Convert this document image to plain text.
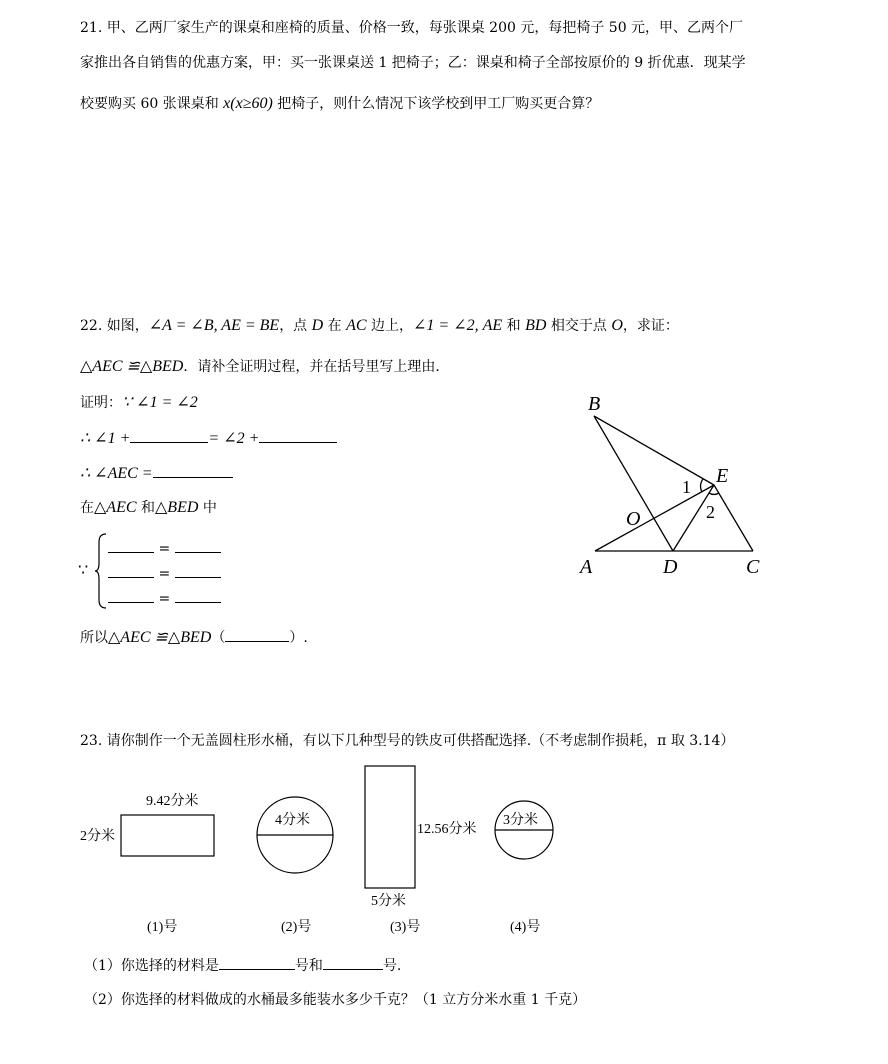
21. 甲、乙两厂家生产的课桌和座椅的质量、价格一致，每张课桌 200 元，每把椅子 50 元，甲、乙两个厂
家推出各自销售的优惠方案，甲：买一张课桌送 1 把椅子；乙：课桌和椅子全部按原价的 9 折优惠．现某学
校要购买 60 张课桌和 x(x≥60) 把椅子，则什么情况下该学校到甲工厂购买更合算？
22. 如图，∠A = ∠B, AE = BE，点 D 在 AC 边上，∠1 = ∠2, AE 和 BD 相交于点 O，求证：
△AEC ≌△BED．请补全证明过程，并在括号里写上理由．
证明：∵ ∠1 = ∠2
∴ ∠1 +	= ∠2 +
∴ ∠AEC =
在△AEC 和△BED 中
∵
=
=
=
所以△AEC ≌△BED（	）.
B
E
O
A	D	C
1
2
23. 请你制作一个无盖圆柱形水桶，有以下几种型号的铁皮可供搭配选择.（不考虑制作损耗，π 取 3.14）
9.42分米
2分米
4分米
12.56分米
5分米
3分米
(1)号	(2)号	(3)号	(4)号
（1）你选择的材料是	号和	号.
（2）你选择的材料做成的水桶最多能装水多少千克？（1 立方分米水重 1 千克）
